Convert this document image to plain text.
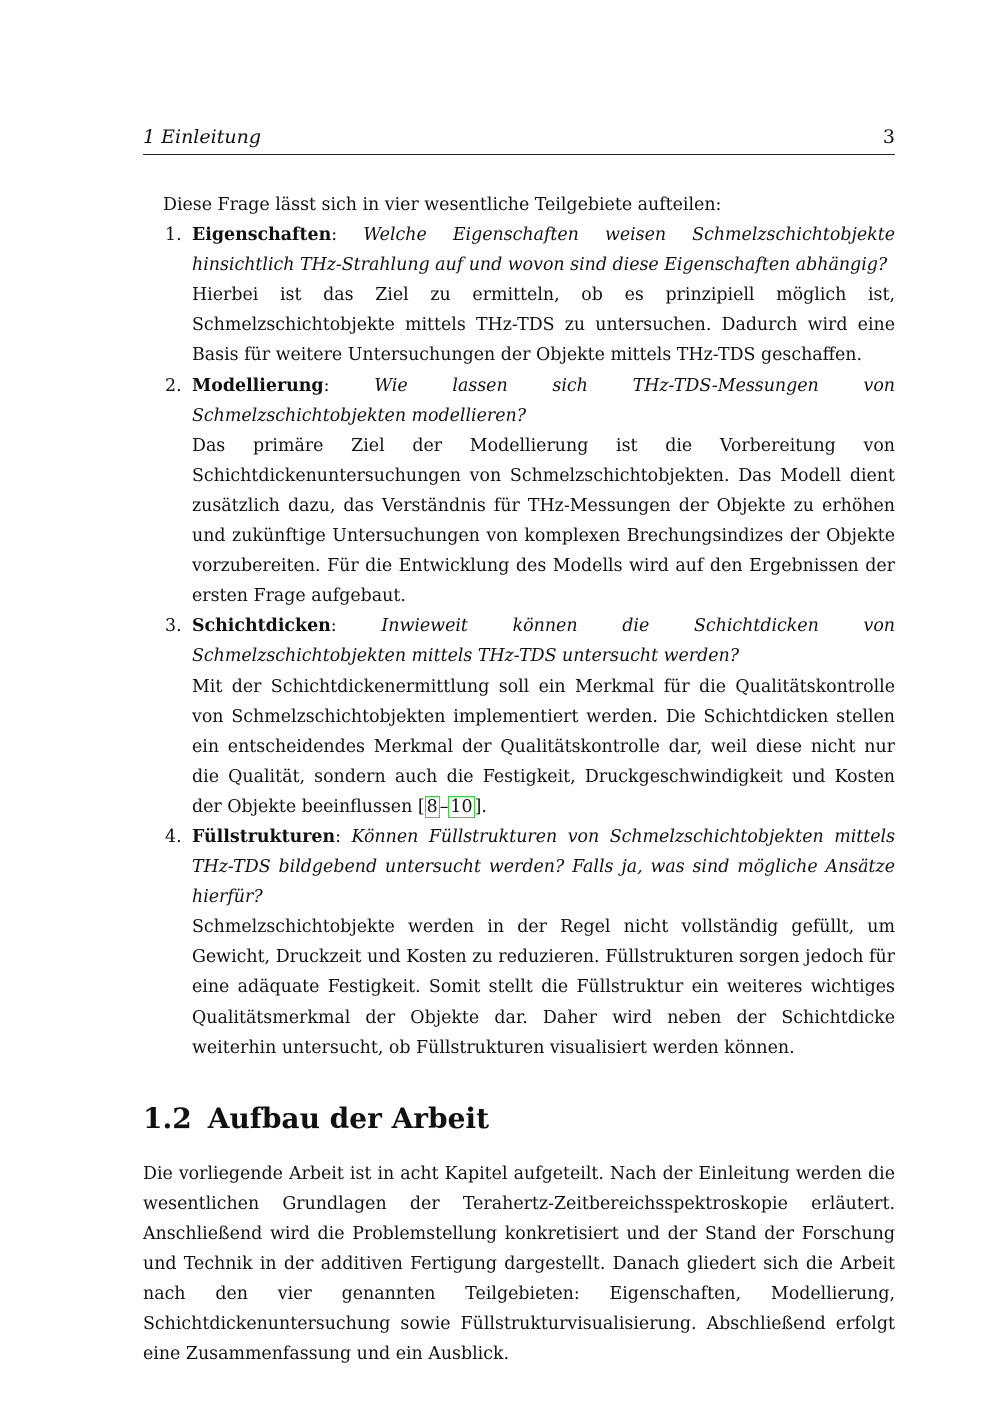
1 Einleitung	3

Diese Frage lässt sich in vier wesentliche Teilgebiete aufteilen:

1. Eigenschaften: Welche Eigenschaften weisen Schmelzschichtobjekte hinsichtlich THz-Strahlung auf und wovon sind diese Eigenschaften abhängig?

Hierbei ist das Ziel zu ermitteln, ob es prinzipiell möglich ist, Schmelzschichtobjekte mittels THz-TDS zu untersuchen. Dadurch wird eine Basis für weitere Untersuchungen der Objekte mittels THz-TDS geschaffen.

2. Modellierung: Wie lassen sich THz-TDS-Messungen von Schmelzschichtobjekten modellieren?

Das primäre Ziel der Modellierung ist die Vorbereitung von Schichtdickenuntersuchungen von Schmelzschichtobjekten. Das Modell dient zusätzlich dazu, das Verständnis für THz-Messungen der Objekte zu erhöhen und zukünftige Untersuchungen von komplexen Brechungsindizes der Objekte vorzubereiten. Für die Entwicklung des Modells wird auf den Ergebnissen der ersten Frage aufgebaut.

3. Schichtdicken: Inwieweit können die Schichtdicken von Schmelzschichtobjekten mittels THz-TDS untersucht werden?

Mit der Schichtdickenermittlung soll ein Merkmal für die Qualitätskontrolle von Schmelzschichtobjekten implementiert werden. Die Schichtdicken stellen ein entscheidendes Merkmal der Qualitätskontrolle dar, weil diese nicht nur die Qualität, sondern auch die Festigkeit, Druckgeschwindigkeit und Kosten der Objekte beeinflussen [ 8 – 10 ].

4. Füllstrukturen: Können Füllstrukturen von Schmelzschichtobjekten mittels THz-TDS bildgebend untersucht werden? Falls ja, was sind mögliche Ansätze hierfür?

Schmelzschichtobjekte werden in der Regel nicht vollständig gefüllt, um Gewicht, Druckzeit und Kosten zu reduzieren. Füllstrukturen sorgen jedoch für eine adäquate Festigkeit. Somit stellt die Füllstruktur ein weiteres wichtiges Qualitätsmerkmal der Objekte dar. Daher wird neben der Schichtdicke weiterhin untersucht, ob Füllstrukturen visualisiert werden können.

1.2 Aufbau der Arbeit

Die vorliegende Arbeit ist in acht Kapitel aufgeteilt. Nach der Einleitung werden die wesentlichen Grundlagen der Terahertz-Zeitbereichsspektroskopie erläutert. Anschließend wird die Problemstellung konkretisiert und der Stand der Forschung und Technik in der additiven Fertigung dargestellt. Danach gliedert sich die Arbeit nach den vier genannten Teilgebieten: Eigenschaften, Modellierung, Schichtdickenuntersuchung sowie Füllstrukturvisualisierung. Abschließend erfolgt eine Zusammenfassung und ein Ausblick.
